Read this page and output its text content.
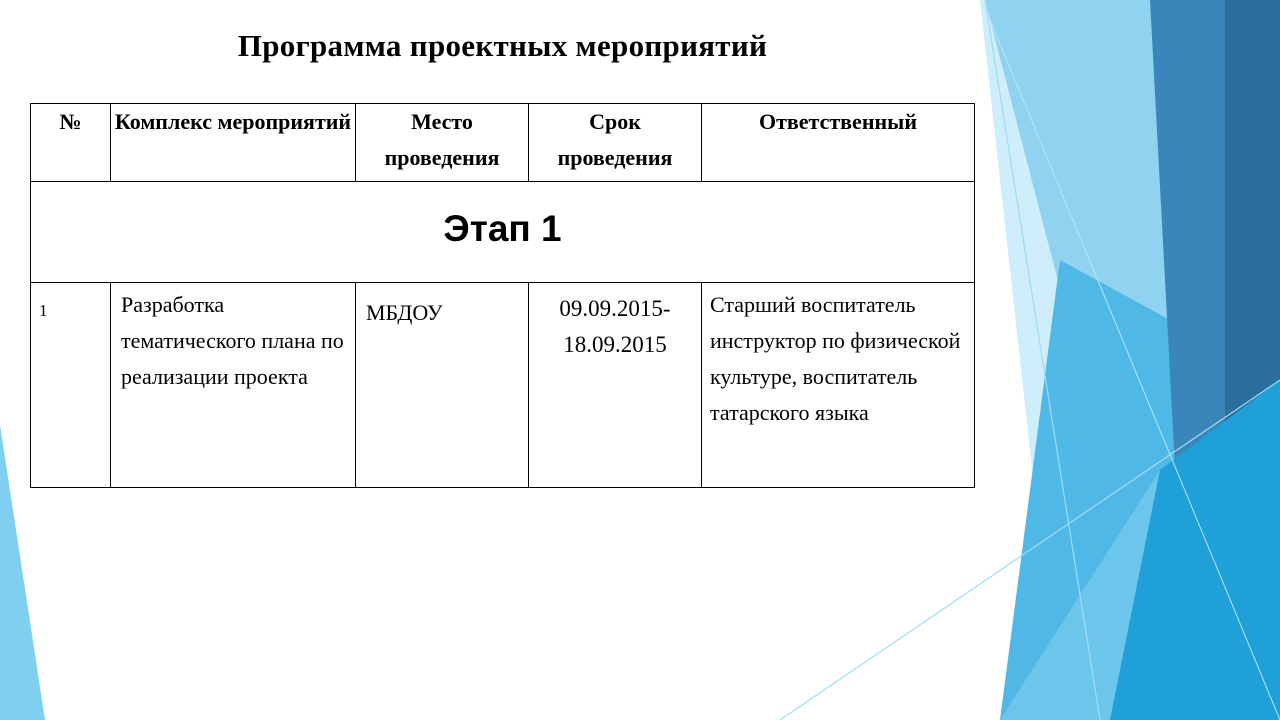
Программа проектных мероприятий
№	Комплекс мероприятий	Место проведения	Срок проведения	Ответственный
Этап 1				
1	Разработка тематического плана по реализации проекта	МБДОУ	09.09.2015-18.09.2015	Старший воспитатель инструктор по физической культуре, воспитатель татарского языка
